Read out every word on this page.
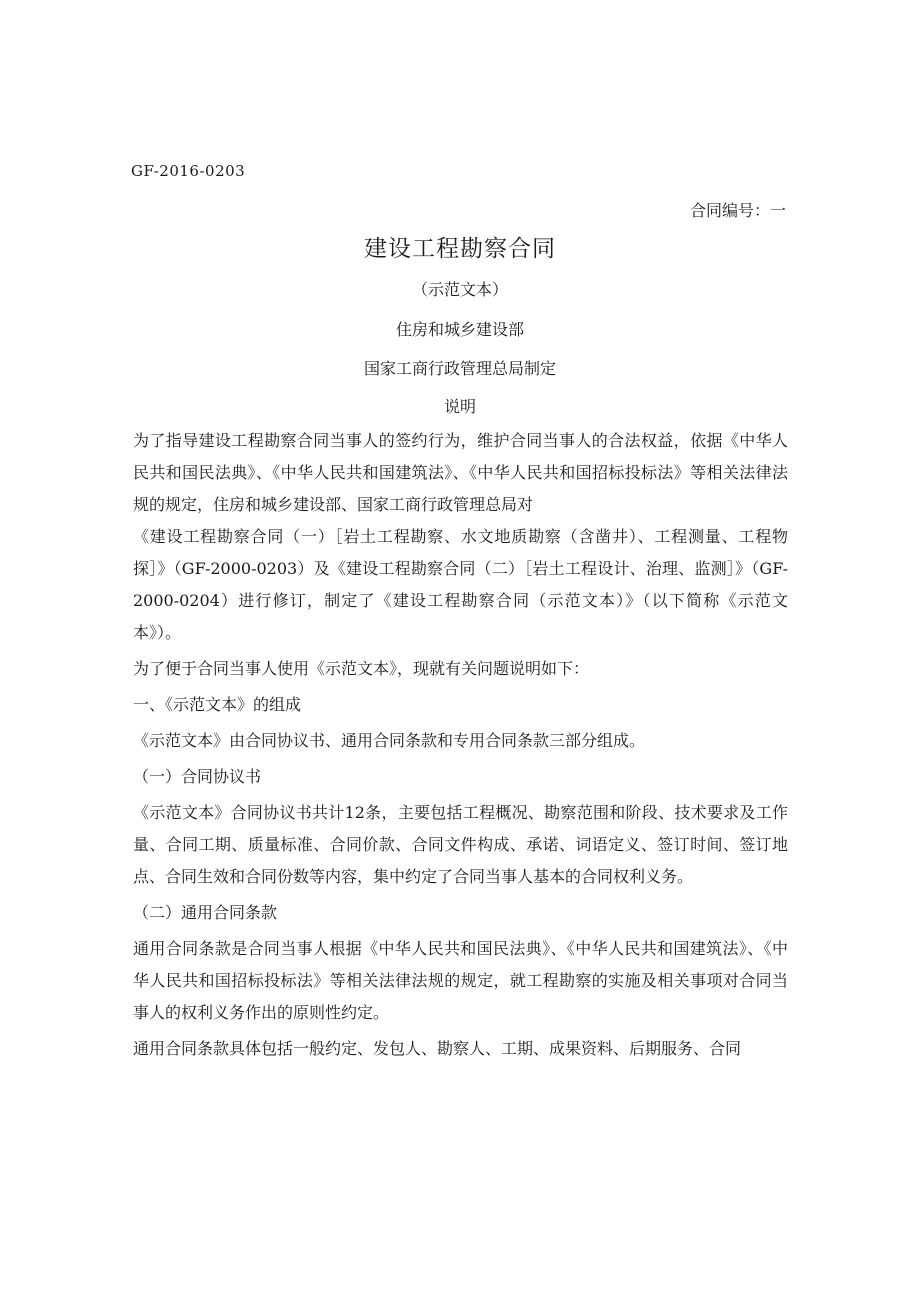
GF-2016-0203
合同编号：一
建设工程勘察合同
（示范文本）
住房和城乡建设部
国家工商行政管理总局制定
说明

为了指导建设工程勘察合同当事人的签约行为，维护合同当事人的合法权益，依据《中华人民共和国民法典》、《中华人民共和国建筑法》、《中华人民共和国招标投标法》等相关法律法规的规定，住房和城乡建设部、国家工商行政管理总局对

《建设工程勘察合同（一）［岩土工程勘察、水文地质勘察（含凿井）、工程测量、工程物探］》（GF-2000-0203）及《建设工程勘察合同（二）［岩土工程设计、治理、监测］》（GF-2000-0204）进行修订，制定了《建设工程勘察合同（示范文本）》（以下简称《示范文本》）。

为了便于合同当事人使用《示范文本》，现就有关问题说明如下：

一、《示范文本》的组成

《示范文本》由合同协议书、通用合同条款和专用合同条款三部分组成。

（一）合同协议书

《示范文本》合同协议书共计12条，主要包括工程概况、勘察范围和阶段、技术要求及工作量、合同工期、质量标准、合同价款、合同文件构成、承诺、词语定义、签订时间、签订地点、合同生效和合同份数等内容，集中约定了合同当事人基本的合同权利义务。

（二）通用合同条款

通用合同条款是合同当事人根据《中华人民共和国民法典》、《中华人民共和国建筑法》、《中华人民共和国招标投标法》等相关法律法规的规定，就工程勘察的实施及相关事项对合同当事人的权利义务作出的原则性约定。

通用合同条款具体包括一般约定、发包人、勘察人、工期、成果资料、后期服务、合同
